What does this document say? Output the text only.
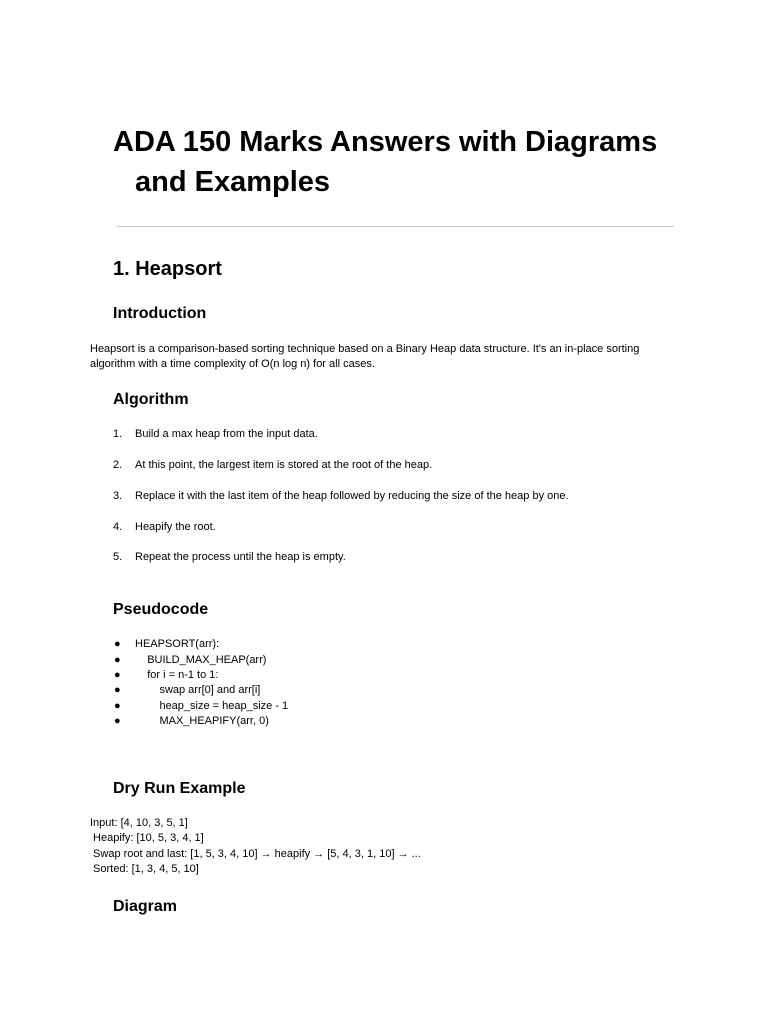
ADA 150 Marks Answers with Diagrams
and Examples
1. Heapsort
Introduction
Heapsort is a comparison-based sorting technique based on a Binary Heap data structure. It's an in-place sorting algorithm with a time complexity of O(n log n) for all cases.
Algorithm
1. Build a max heap from the input data.
2. At this point, the largest item is stored at the root of the heap.
3. Replace it with the last item of the heap followed by reducing the size of the heap by one.
4. Heapify the root.
5. Repeat the process until the heap is empty.
Pseudocode
● HEAPSORT(arr):
● BUILD_MAX_HEAP(arr)
● for i = n-1 to 1:
● swap arr[0] and arr[i]
● heap_size = heap_size - 1
● MAX_HEAPIFY(arr, 0)
Dry Run Example
Input: [4, 10, 3, 5, 1]
Heapify: [10, 5, 3, 4, 1]
Swap root and last: [1, 5, 3, 4, 10] → heapify → [5, 4, 3, 1, 10] → ...
Sorted: [1, 3, 4, 5, 10]
Diagram
